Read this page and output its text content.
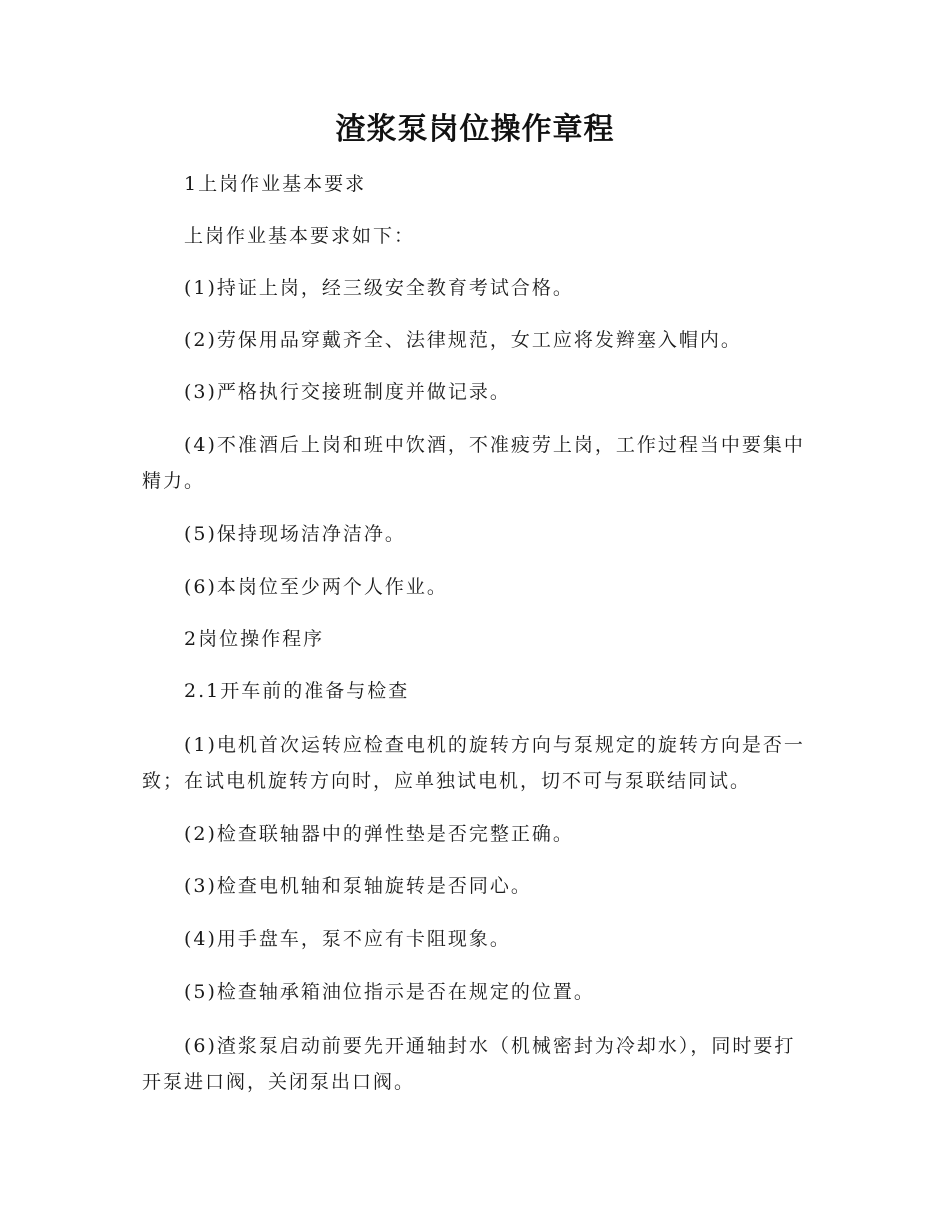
渣浆泵岗位操作章程

1上岗作业基本要求

上岗作业基本要求如下：

(1)持证上岗，经三级安全教育考试合格。

(2)劳保用品穿戴齐全、法律规范，女工应将发辫塞入帽内。

(3)严格执行交接班制度并做记录。

(4)不准酒后上岗和班中饮酒，不准疲劳上岗，工作过程当中要集中精力。

(5)保持现场洁净洁净。

(6)本岗位至少两个人作业。

2岗位操作程序

2.1开车前的准备与检查

(1)电机首次运转应检查电机的旋转方向与泵规定的旋转方向是否一致；在试电机旋转方向时，应单独试电机，切不可与泵联结同试。

(2)检查联轴器中的弹性垫是否完整正确。

(3)检查电机轴和泵轴旋转是否同心。

(4)用手盘车，泵不应有卡阻现象。

(5)检查轴承箱油位指示是否在规定的位置。

(6)渣浆泵启动前要先开通轴封水（机械密封为冷却水），同时要打开泵进口阀，关闭泵出口阀。
